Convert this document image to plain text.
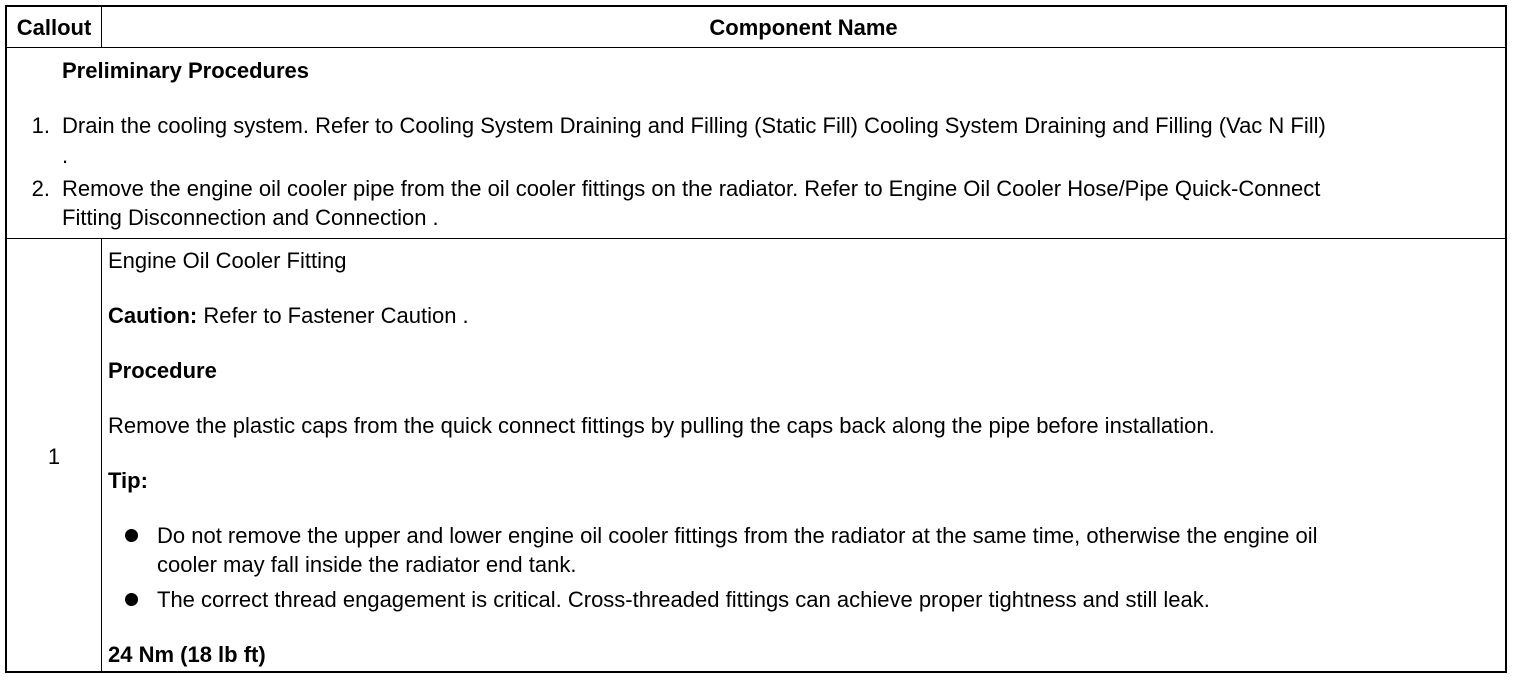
Callout	Component Name
Preliminary Procedures
1. Drain the cooling system. Refer to Cooling System Draining and Filling (Static Fill) Cooling System Draining and Filling (Vac N Fill)
.
2. Remove the engine oil cooler pipe from the oil cooler fittings on the radiator. Refer to Engine Oil Cooler Hose/Pipe Quick-Connect
Fitting Disconnection and Connection .
1
Engine Oil Cooler Fitting
Caution: Refer to Fastener Caution .
Procedure
Remove the plastic caps from the quick connect fittings by pulling the caps back along the pipe before installation.
Tip:
Do not remove the upper and lower engine oil cooler fittings from the radiator at the same time, otherwise the engine oil
cooler may fall inside the radiator end tank.
The correct thread engagement is critical. Cross-threaded fittings can achieve proper tightness and still leak.
24 Nm (18 lb ft)
